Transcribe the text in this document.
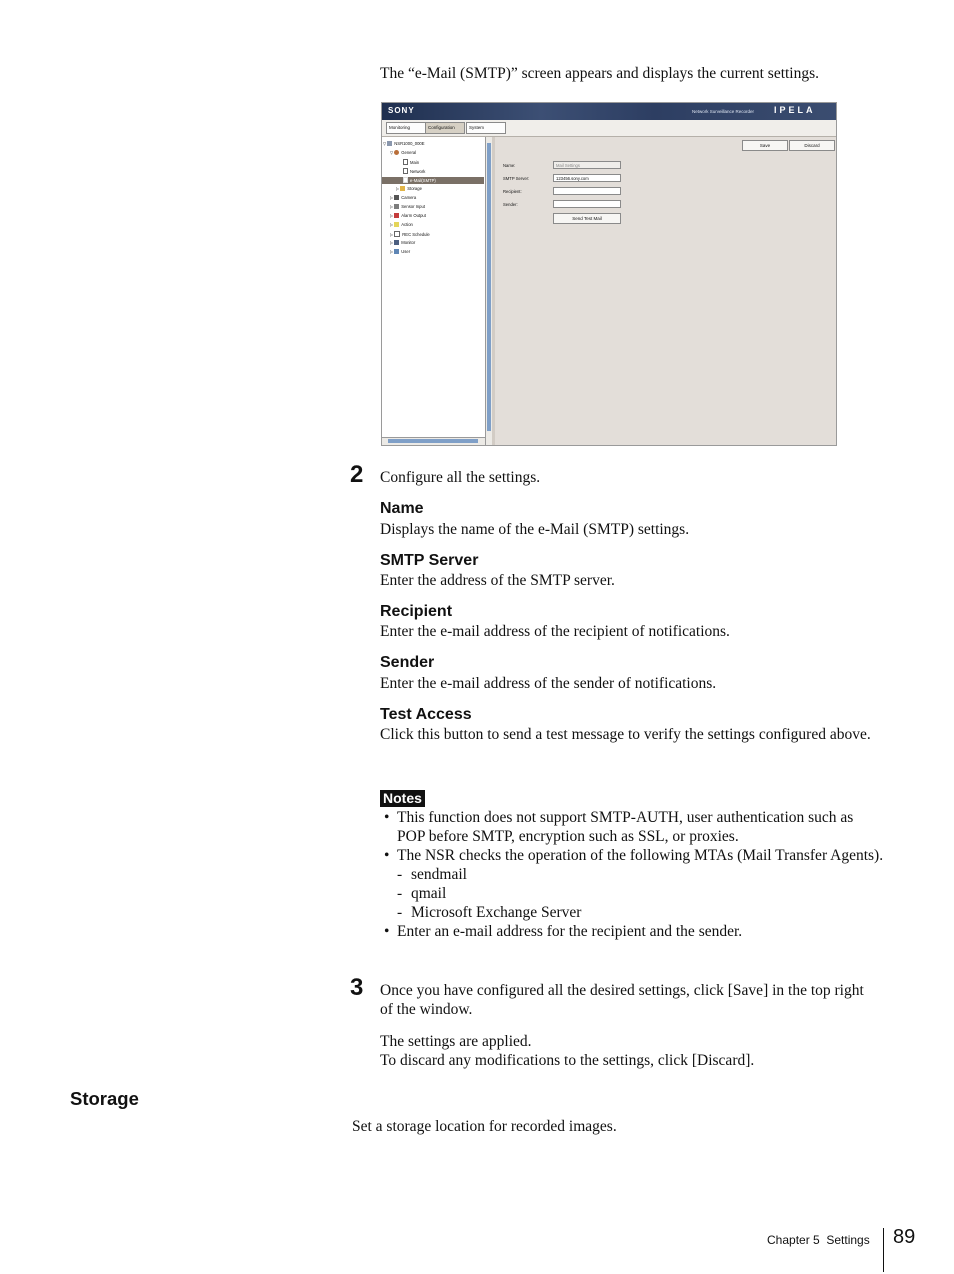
The “e-Mail (SMTP)” screen appears and displays the current settings.
SONY	Network Surveillance Recorder IPELA
Monitoring	Configuration	System
▽ NSR1000_000E
▽ General
Main
Network
e-Mail(SMTP)
▷ Storage
▷ Camera
▷ Sensor Input
▷ Alarm Output
▷ Action
▷ REC Schedule
▷ Monitor
▷ User
Save	Discard
Name:	Mail Settings
SMTP Server:	123456.sony.com
Recipient:
Sender:
Send Test Mail
2 Configure all the settings.
Name
Displays the name of the e-Mail (SMTP) settings.
SMTP Server
Enter the address of the SMTP server.
Recipient
Enter the e-mail address of the recipient of notifications.
Sender
Enter the e-mail address of the sender of notifications.
Test Access
Click this button to send a test message to verify the settings configured above.
Notes
• This function does not support SMTP-AUTH, user authentication such as POP before SMTP, encryption such as SSL, or proxies.
• The NSR checks the operation of the following MTAs (Mail Transfer Agents).
- sendmail
- qmail
- Microsoft Exchange Server
• Enter an e-mail address for the recipient and the sender.
3 Once you have configured all the desired settings, click [Save] in the top right of the window.
The settings are applied.
To discard any modifications to the settings, click [Discard].
Storage
Set a storage location for recorded images.
Chapter 5  Settings 89
